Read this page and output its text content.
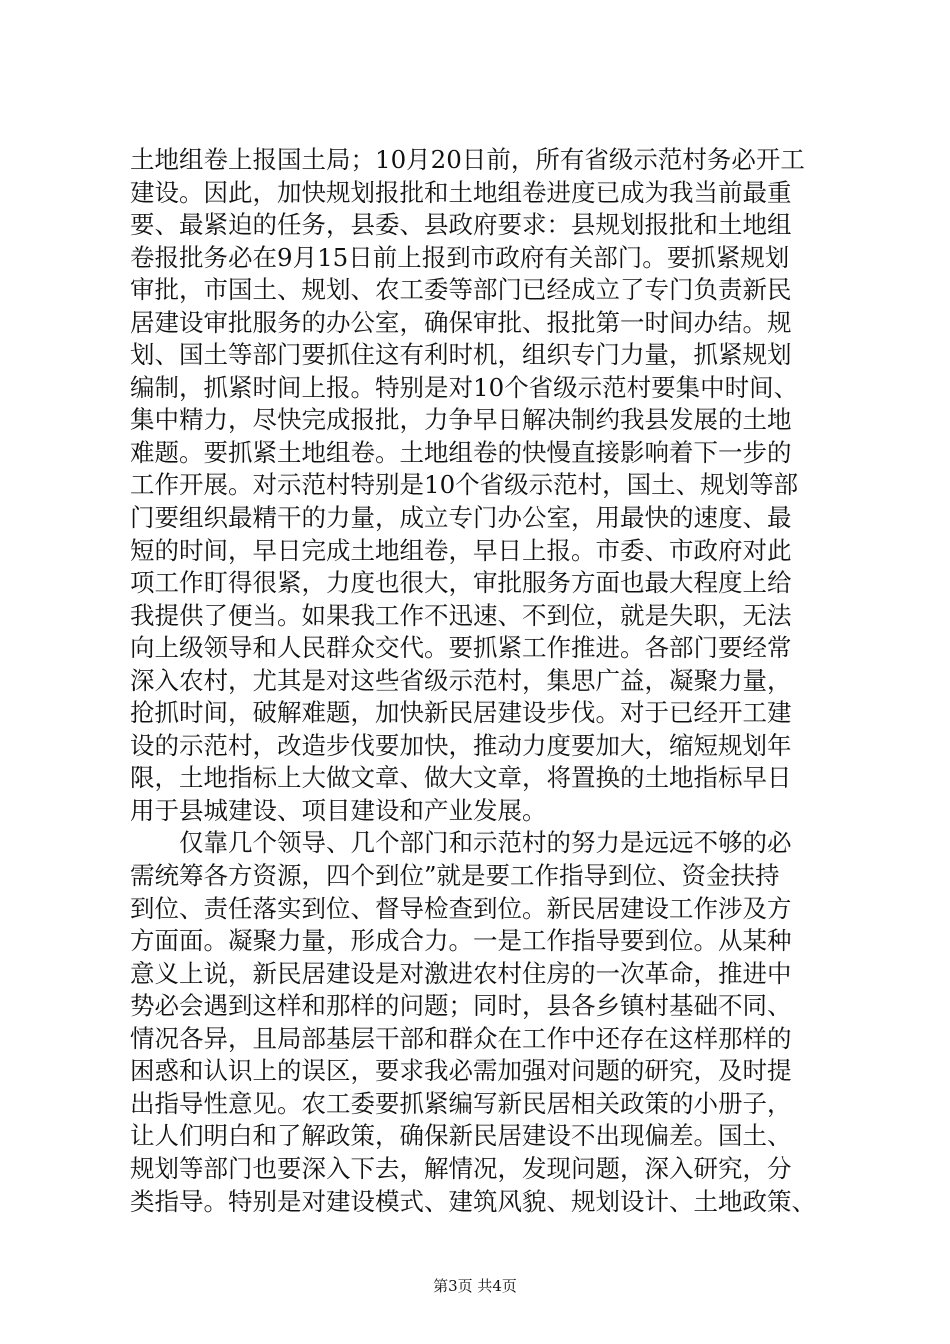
土地组卷上报国土局；10月20日前，所有省级示范村务必开工
建设。因此，加快规划报批和土地组卷进度已成为我当前最重
要、最紧迫的任务，县委、县政府要求：县规划报批和土地组
卷报批务必在9月15日前上报到市政府有关部门。要抓紧规划
审批，市国土、规划、农工委等部门已经成立了专门负责新民
居建设审批服务的办公室，确保审批、报批第一时间办结。规
划、国土等部门要抓住这有利时机，组织专门力量，抓紧规划
编制，抓紧时间上报。特别是对10个省级示范村要集中时间、
集中精力，尽快完成报批，力争早日解决制约我县发展的土地
难题。要抓紧土地组卷。土地组卷的快慢直接影响着下一步的
工作开展。对示范村特别是10个省级示范村，国土、规划等部
门要组织最精干的力量，成立专门办公室，用最快的速度、最
短的时间，早日完成土地组卷，早日上报。市委、市政府对此
项工作盯得很紧，力度也很大，审批服务方面也最大程度上给
我提供了便当。如果我工作不迅速、不到位，就是失职，无法
向上级领导和人民群众交代。要抓紧工作推进。各部门要经常
深入农村，尤其是对这些省级示范村，集思广益，凝聚力量，
抢抓时间，破解难题，加快新民居建设步伐。对于已经开工建
设的示范村，改造步伐要加快，推动力度要加大，缩短规划年
限，土地指标上大做文章、做大文章，将置换的土地指标早日
用于县城建设、项目建设和产业发展。
　　仅靠几个领导、几个部门和示范村的努力是远远不够的必
需统筹各方资源，四个到位”就是要工作指导到位、资金扶持
到位、责任落实到位、督导检查到位。新民居建设工作涉及方
方面面。凝聚力量，形成合力。一是工作指导要到位。从某种
意义上说，新民居建设是对激进农村住房的一次革命，推进中
势必会遇到这样和那样的问题；同时，县各乡镇村基础不同、
情况各异，且局部基层干部和群众在工作中还存在这样那样的
困惑和认识上的误区，要求我必需加强对问题的研究，及时提
出指导性意见。农工委要抓紧编写新民居相关政策的小册子，
让人们明白和了解政策，确保新民居建设不出现偏差。国土、
规划等部门也要深入下去，解情况，发现问题，深入研究，分
类指导。特别是对建设模式、建筑风貌、规划设计、土地政策、
第3页 共4页
